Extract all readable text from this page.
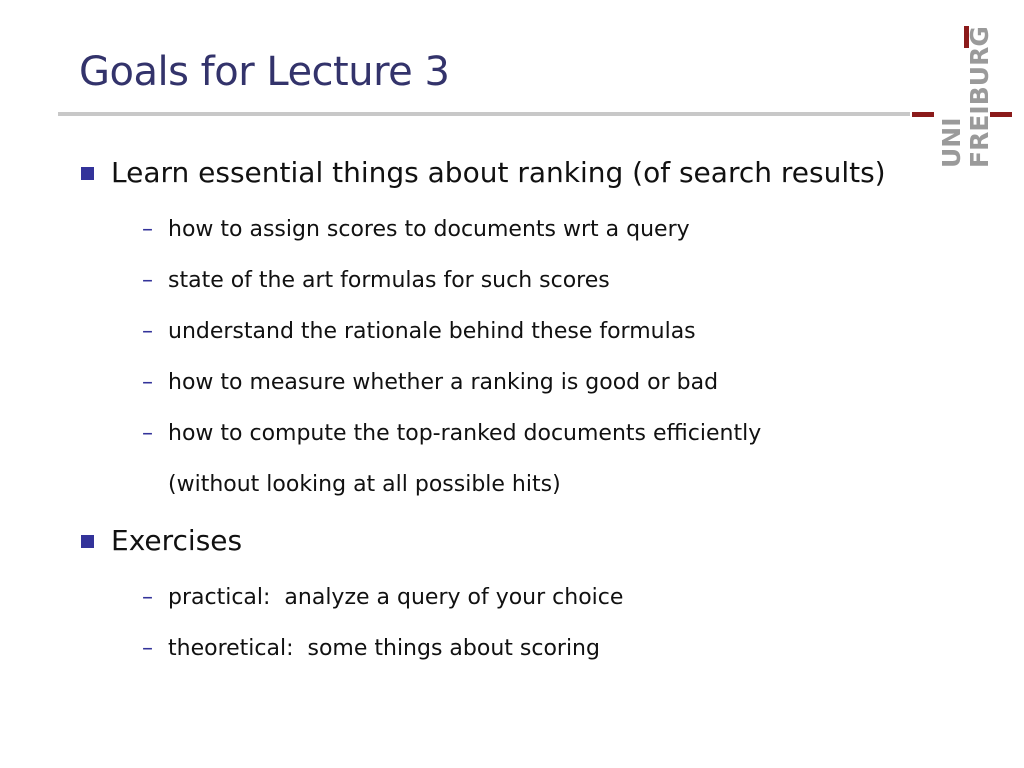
Goals for Lecture 3
UNI FREIBURG
Learn essential things about ranking (of search results)
– how to assign scores to documents wrt a query
– state of the art formulas for such scores
– understand the rationale behind these formulas
– how to measure whether a ranking is good or bad
– how to compute the top-ranked documents efficiently
(without looking at all possible hits)
Exercises
– practical:  analyze a query of your choice
– theoretical:  some things about scoring
